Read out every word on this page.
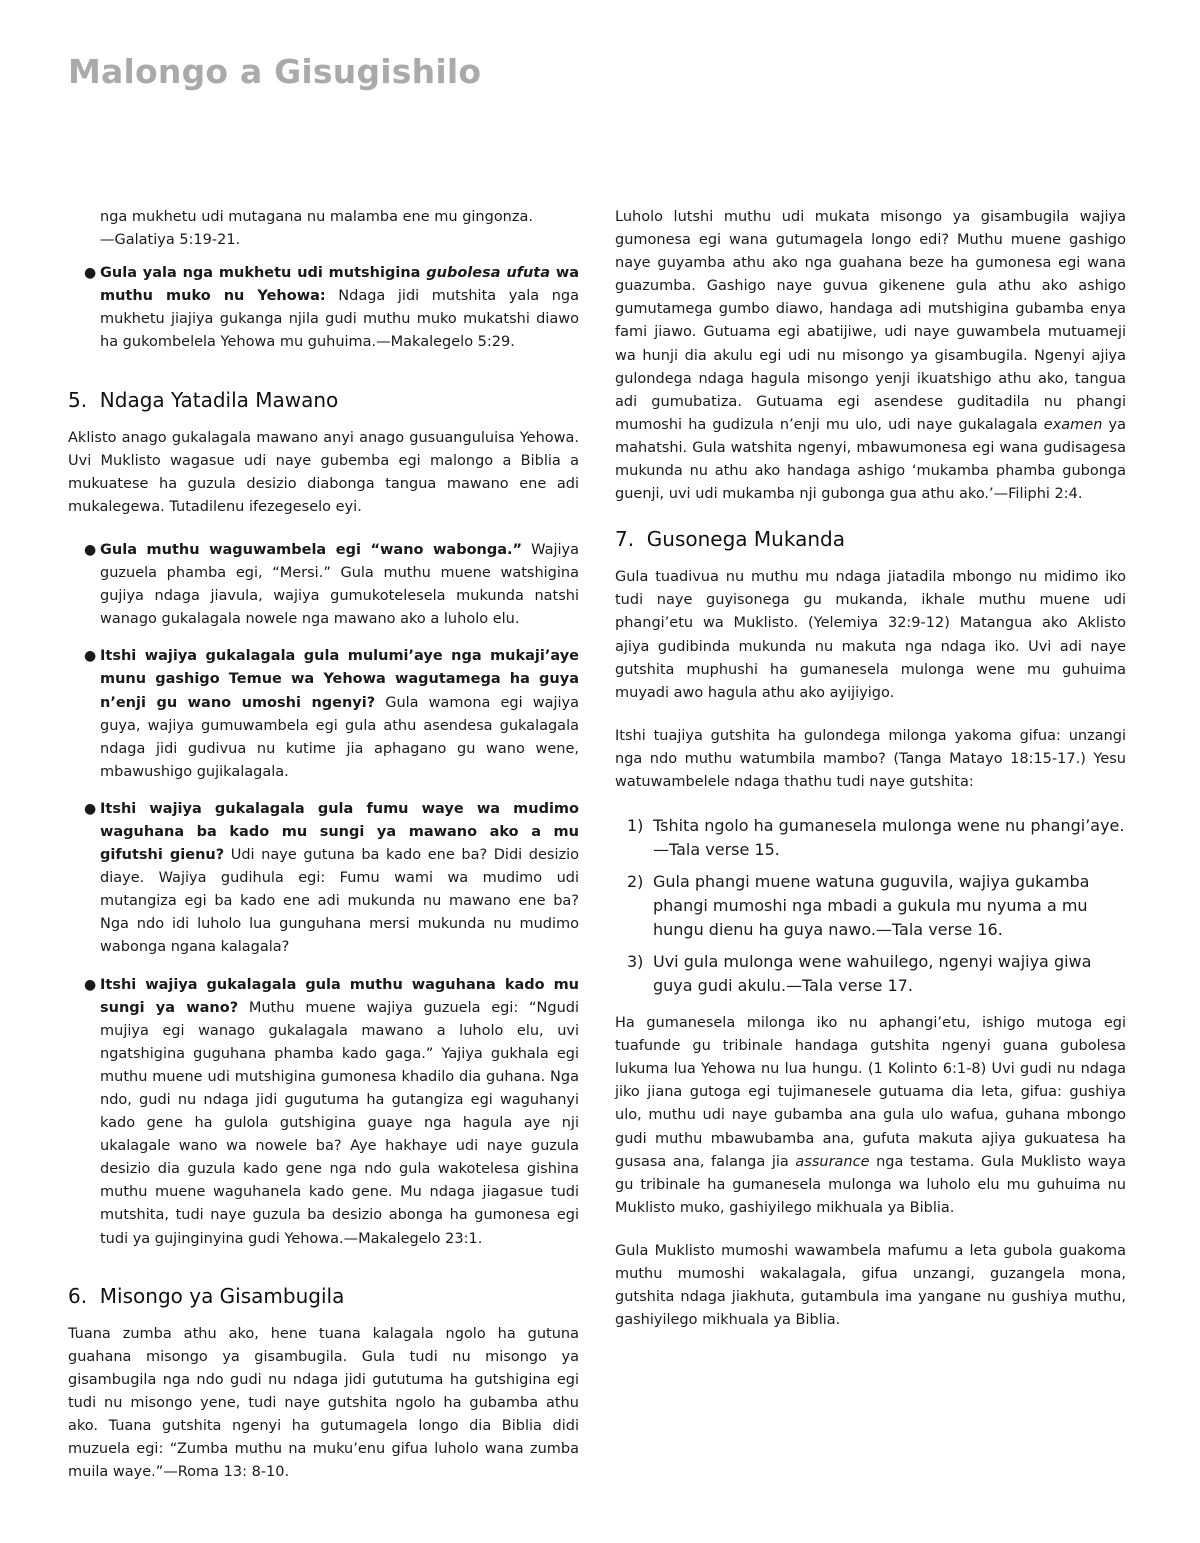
Malongo a Gisugishilo

nga mukhetu udi mutagana nu malamba ene mu gingonza.
—Galatiya 5:19-21.

● Gula yala nga mukhetu udi mutshigina gubolesa ufuta wa muthu muko nu Yehowa: Ndaga jidi mutshita yala nga mukhetu jiajiya gukanga njila gudi muthu muko mukatshi diawo ha gukombelela Yehowa mu guhuima.—Makalegelo 5:29.
5.  Ndaga Yatadila Mawano

Aklisto anago gukalagala mawano anyi anago gusuanguluisa Yehowa. Uvi Muklisto wagasue udi naye gubemba egi malongo a Biblia a mukuatese ha guzula desizio diabonga tangua mawano ene adi mukalegewa. Tutadilenu ifezegeselo eyi.

● Gula muthu waguwambela egi “wano wabonga.” Wajiya guzuela phamba egi, “Mersi.” Gula muthu muene watshigina gujiya ndaga jiavula, wajiya gumukotelesela mukunda natshi wanago gukalagala nowele nga mawano ako a luholo elu.
● Itshi wajiya gukalagala gula mulumi’aye nga mukaji’aye munu gashigo Temue wa Yehowa wagutamega ha guya n’enji gu wano umoshi ngenyi? Gula wamona egi wajiya guya, wajiya gumuwambela egi gula athu asendesa gukalagala ndaga jidi gudivua nu kutime jia aphagano gu wano wene, mbawushigo gujikalagala.
● Itshi wajiya gukalagala gula fumu waye wa mudimo waguhana ba kado mu sungi ya mawano ako a mu gifutshi gienu? Udi naye gutuna ba kado ene ba? Didi desizio diaye. Wajiya gudihula egi: Fumu wami wa mudimo udi mutangiza egi ba kado ene adi mukunda nu mawano ene ba? Nga ndo idi luholo lua gunguhana mersi mukunda nu mudimo wabonga ngana kalagala?
● Itshi wajiya gukalagala gula muthu waguhana kado mu sungi ya wano? Muthu muene wajiya guzuela egi: “Ngudi mujiya egi wanago gukalagala mawano a luholo elu, uvi ngatshigina guguhana phamba kado gaga.” Yajiya gukhala egi muthu muene udi mutshigina gumonesa khadilo dia guhana. Nga ndo, gudi nu ndaga jidi gugutuma ha gutangiza egi waguhanyi kado gene ha gulola gutshigina guaye nga hagula aye nji ukalagale wano wa nowele ba? Aye hakhaye udi naye guzula desizio dia guzula kado gene nga ndo gula wakotelesa gishina muthu muene waguhanela kado gene. Mu ndaga jiagasue tudi mutshita, tudi naye guzula ba desizio abonga ha gumonesa egi tudi ya gujinginyina gudi Yehowa.—Makalegelo 23:1.
6.  Misongo ya Gisambugila

Tuana zumba athu ako, hene tuana kalagala ngolo ha gutuna guahana misongo ya gisambugila. Gula tudi nu misongo ya gisambugila nga ndo gudi nu ndaga jidi gututuma ha gutshigina egi tudi nu misongo yene, tudi naye gutshita ngolo ha gubamba athu ako. Tuana gutshita ngenyi ha gutumagela longo dia Biblia didi muzuela egi: “Zumba muthu na muku’enu gifua luholo wana zumba muila waye.”—Roma 13: 8-10.

Luholo lutshi muthu udi mukata misongo ya gisambugila wajiya gumonesa egi wana gutumagela longo edi? Muthu muene gashigo naye guyamba athu ako nga guahana beze ha gumonesa egi wana guazumba. Gashigo naye guvua gikenene gula athu ako ashigo gumutamega gumbo diawo, handaga adi mutshigina gubamba enya fami jiawo. Gutuama egi abatijiwe, udi naye guwambela mutuameji wa hunji dia akulu egi udi nu misongo ya gisambugila. Ngenyi ajiya gulondega ndaga hagula misongo yenji ikuatshigo athu ako, tangua adi gumubatiza. Gutuama egi asendese guditadila nu phangi mumoshi ha gudizula n’enji mu ulo, udi naye gukalagala examen ya mahatshi. Gula watshita ngenyi, mbawumonesa egi wana gudisagesa mukunda nu athu ako handaga ashigo ‘mukamba phamba gubonga guenji, uvi udi mukamba nji gubonga gua athu ako.’—Filiphi 2:4.

7.  Gusonega Mukanda

Gula tuadivua nu muthu mu ndaga jiatadila mbongo nu midimo iko tudi naye guyisonega gu mukanda, ikhale muthu muene udi phangi’etu wa Muklisto. (Yelemiya 32:9-12) Matangua ako Aklisto ajiya gudibinda mukunda nu makuta nga ndaga iko. Uvi adi naye gutshita muphushi ha gumanesela mulonga wene mu guhuima muyadi awo hagula athu ako ayijiyigo.

Itshi tuajiya gutshita ha gulondega milonga yakoma gifua: unzangi nga ndo muthu watumbila mambo? (Tanga Matayo 18:15-17.) Yesu watuwambelele ndaga thathu tudi naye gutshita:

1) Tshita ngolo ha gumanesela mulonga wene nu phangi’aye. —Tala verse 15.
2) Gula phangi muene watuna guguvila, wajiya gukamba phangi mumoshi nga mbadi a gukula mu nyuma a mu hungu dienu ha guya nawo.—Tala verse 16.
3) Uvi gula mulonga wene wahuilego, ngenyi wajiya giwa guya gudi akulu.—Tala verse 17.

Ha gumanesela milonga iko nu aphangi’etu, ishigo mutoga egi tuafunde gu tribinale handaga gutshita ngenyi guana gubolesa lukuma lua Yehowa nu lua hungu. (1 Kolinto 6:1-8) Uvi gudi nu ndaga jiko jiana gutoga egi tujimanesele gutuama dia leta, gifua: gushiya ulo, muthu udi naye gubamba ana gula ulo wafua, guhana mbongo gudi muthu mbawubamba ana, gufuta makuta ajiya gukuatesa ha gusasa ana, falanga jia assurance nga testama. Gula Muklisto waya gu tribinale ha gumanesela mulonga wa luholo elu mu guhuima nu Muklisto muko, gashiyilego mikhuala ya Biblia.

Gula Muklisto mumoshi wawambela mafumu a leta gubola guakoma muthu mumoshi wakalagala, gifua unzangi, guzangela mona, gutshita ndaga jiakhuta, gutambula ima yangane nu gushiya muthu, gashiyilego mikhuala ya Biblia.
